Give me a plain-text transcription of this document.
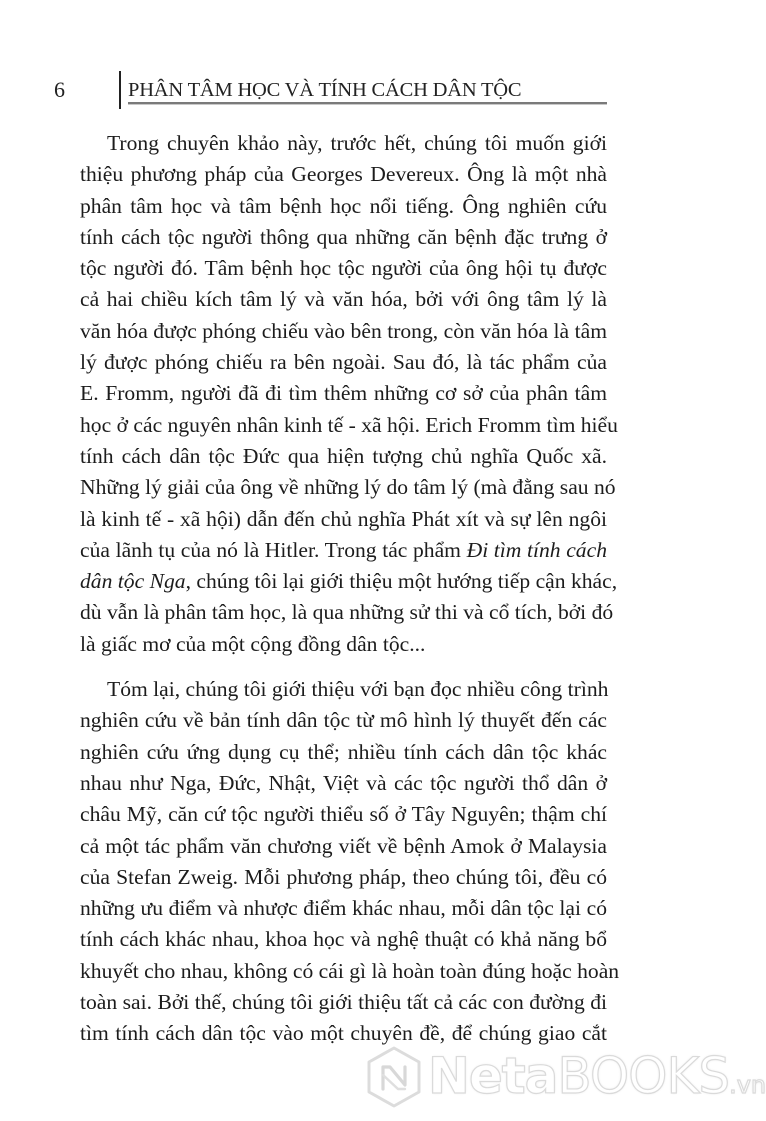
6	PHÂN TÂM HỌC VÀ TÍNH CÁCH DÂN TỘC
Trong chuyên khảo này, trước hết, chúng tôi muốn giới
thiệu phương pháp của Georges Devereux. Ông là một nhà
phân tâm học và tâm bệnh học nổi tiếng. Ông nghiên cứu
tính cách tộc người thông qua những căn bệnh đặc trưng ở
tộc người đó. Tâm bệnh học tộc người của ông hội tụ được
cả hai chiều kích tâm lý và văn hóa, bởi với ông tâm lý là
văn hóa được phóng chiếu vào bên trong, còn văn hóa là tâm
lý được phóng chiếu ra bên ngoài. Sau đó, là tác phẩm của
E. Fromm, người đã đi tìm thêm những cơ sở của phân tâm
học ở các nguyên nhân kinh tế - xã hội. Erich Fromm tìm hiểu
tính cách dân tộc Đức qua hiện tượng chủ nghĩa Quốc xã.
Những lý giải của ông về những lý do tâm lý (mà đằng sau nó
là kinh tế - xã hội) dẫn đến chủ nghĩa Phát xít và sự lên ngôi
của lãnh tụ của nó là Hitler. Trong tác phẩm Đi tìm tính cách
dân tộc Nga, chúng tôi lại giới thiệu một hướng tiếp cận khác,
dù vẫn là phân tâm học, là qua những sử thi và cổ tích, bởi đó
là giấc mơ của một cộng đồng dân tộc...
Tóm lại, chúng tôi giới thiệu với bạn đọc nhiều công trình
nghiên cứu về bản tính dân tộc từ mô hình lý thuyết đến các
nghiên cứu ứng dụng cụ thể; nhiều tính cách dân tộc khác
nhau như Nga, Đức, Nhật, Việt và các tộc người thổ dân ở
châu Mỹ, căn cứ tộc người thiểu số ở Tây Nguyên; thậm chí
cả một tác phẩm văn chương viết về bệnh Amok ở Malaysia
của Stefan Zweig. Mỗi phương pháp, theo chúng tôi, đều có
những ưu điểm và nhược điểm khác nhau, mỗi dân tộc lại có
tính cách khác nhau, khoa học và nghệ thuật có khả năng bổ
khuyết cho nhau, không có cái gì là hoàn toàn đúng hoặc hoàn
toàn sai. Bởi thế, chúng tôi giới thiệu tất cả các con đường đi
tìm tính cách dân tộc vào một chuyên đề, để chúng giao cắt
NetaBOOKS.vn
